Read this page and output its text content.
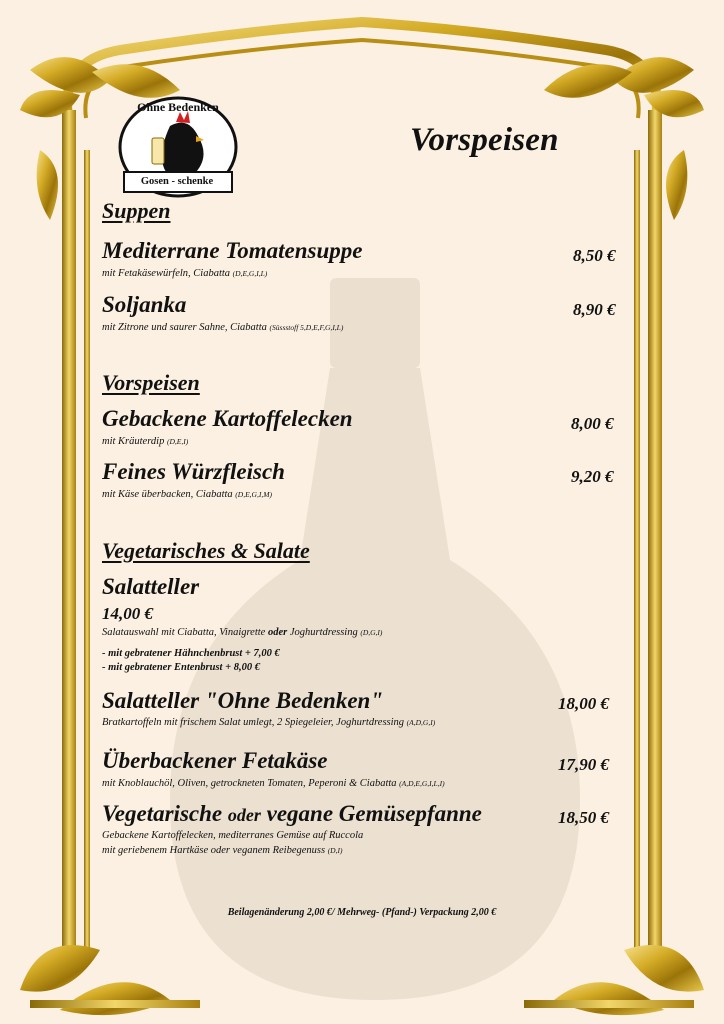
Ohne Bedenken
Gosen - schenke
Vorspeisen
Suppen
Mediterrane Tomatensuppe	8,50 €
mit Fetakäsewürfeln, Ciabatta (D,E,G,I,L)
Soljanka	8,90 €
mit Zitrone und saurer Sahne, Ciabatta (Süssstoff 5,D,E,F,G,I,L)
Vorspeisen
Gebackene Kartoffelecken	8,00 €
mit Kräuterdip (D,E,I)
Feines Würzfleisch	9,20 €
mit Käse überbacken, Ciabatta (D,E,G,I,M)
Vegetarisches & Salate
Salatteller
14,00 €
Salatauswahl mit Ciabatta, Vinaigrette oder Joghurtdressing (D,G,I)
- mit gebratener Hähnchenbrust + 7,00 €
- mit gebratener Entenbrust + 8,00 €
Salatteller "Ohne Bedenken"	18,00 €
Bratkartoffeln mit frischem Salat umlegt, 2 Spiegeleier, Joghurtdressing (A,D,G,I)
Überbackener Fetakäse	17,90 €
mit Knoblauchöl, Oliven, getrockneten Tomaten, Peperoni & Ciabatta (A,D,E,G,I,L,I)
Vegetarische oder vegane Gemüsepfanne	18,50 €
Gebackene Kartoffelecken, mediterranes Gemüse auf Ruccola
mit geriebenem Hartkäse oder veganem Reibegenuss (D,I)
Beilagenänderung 2,00 €/ Mehrweg- (Pfand-) Verpackung 2,00 €
